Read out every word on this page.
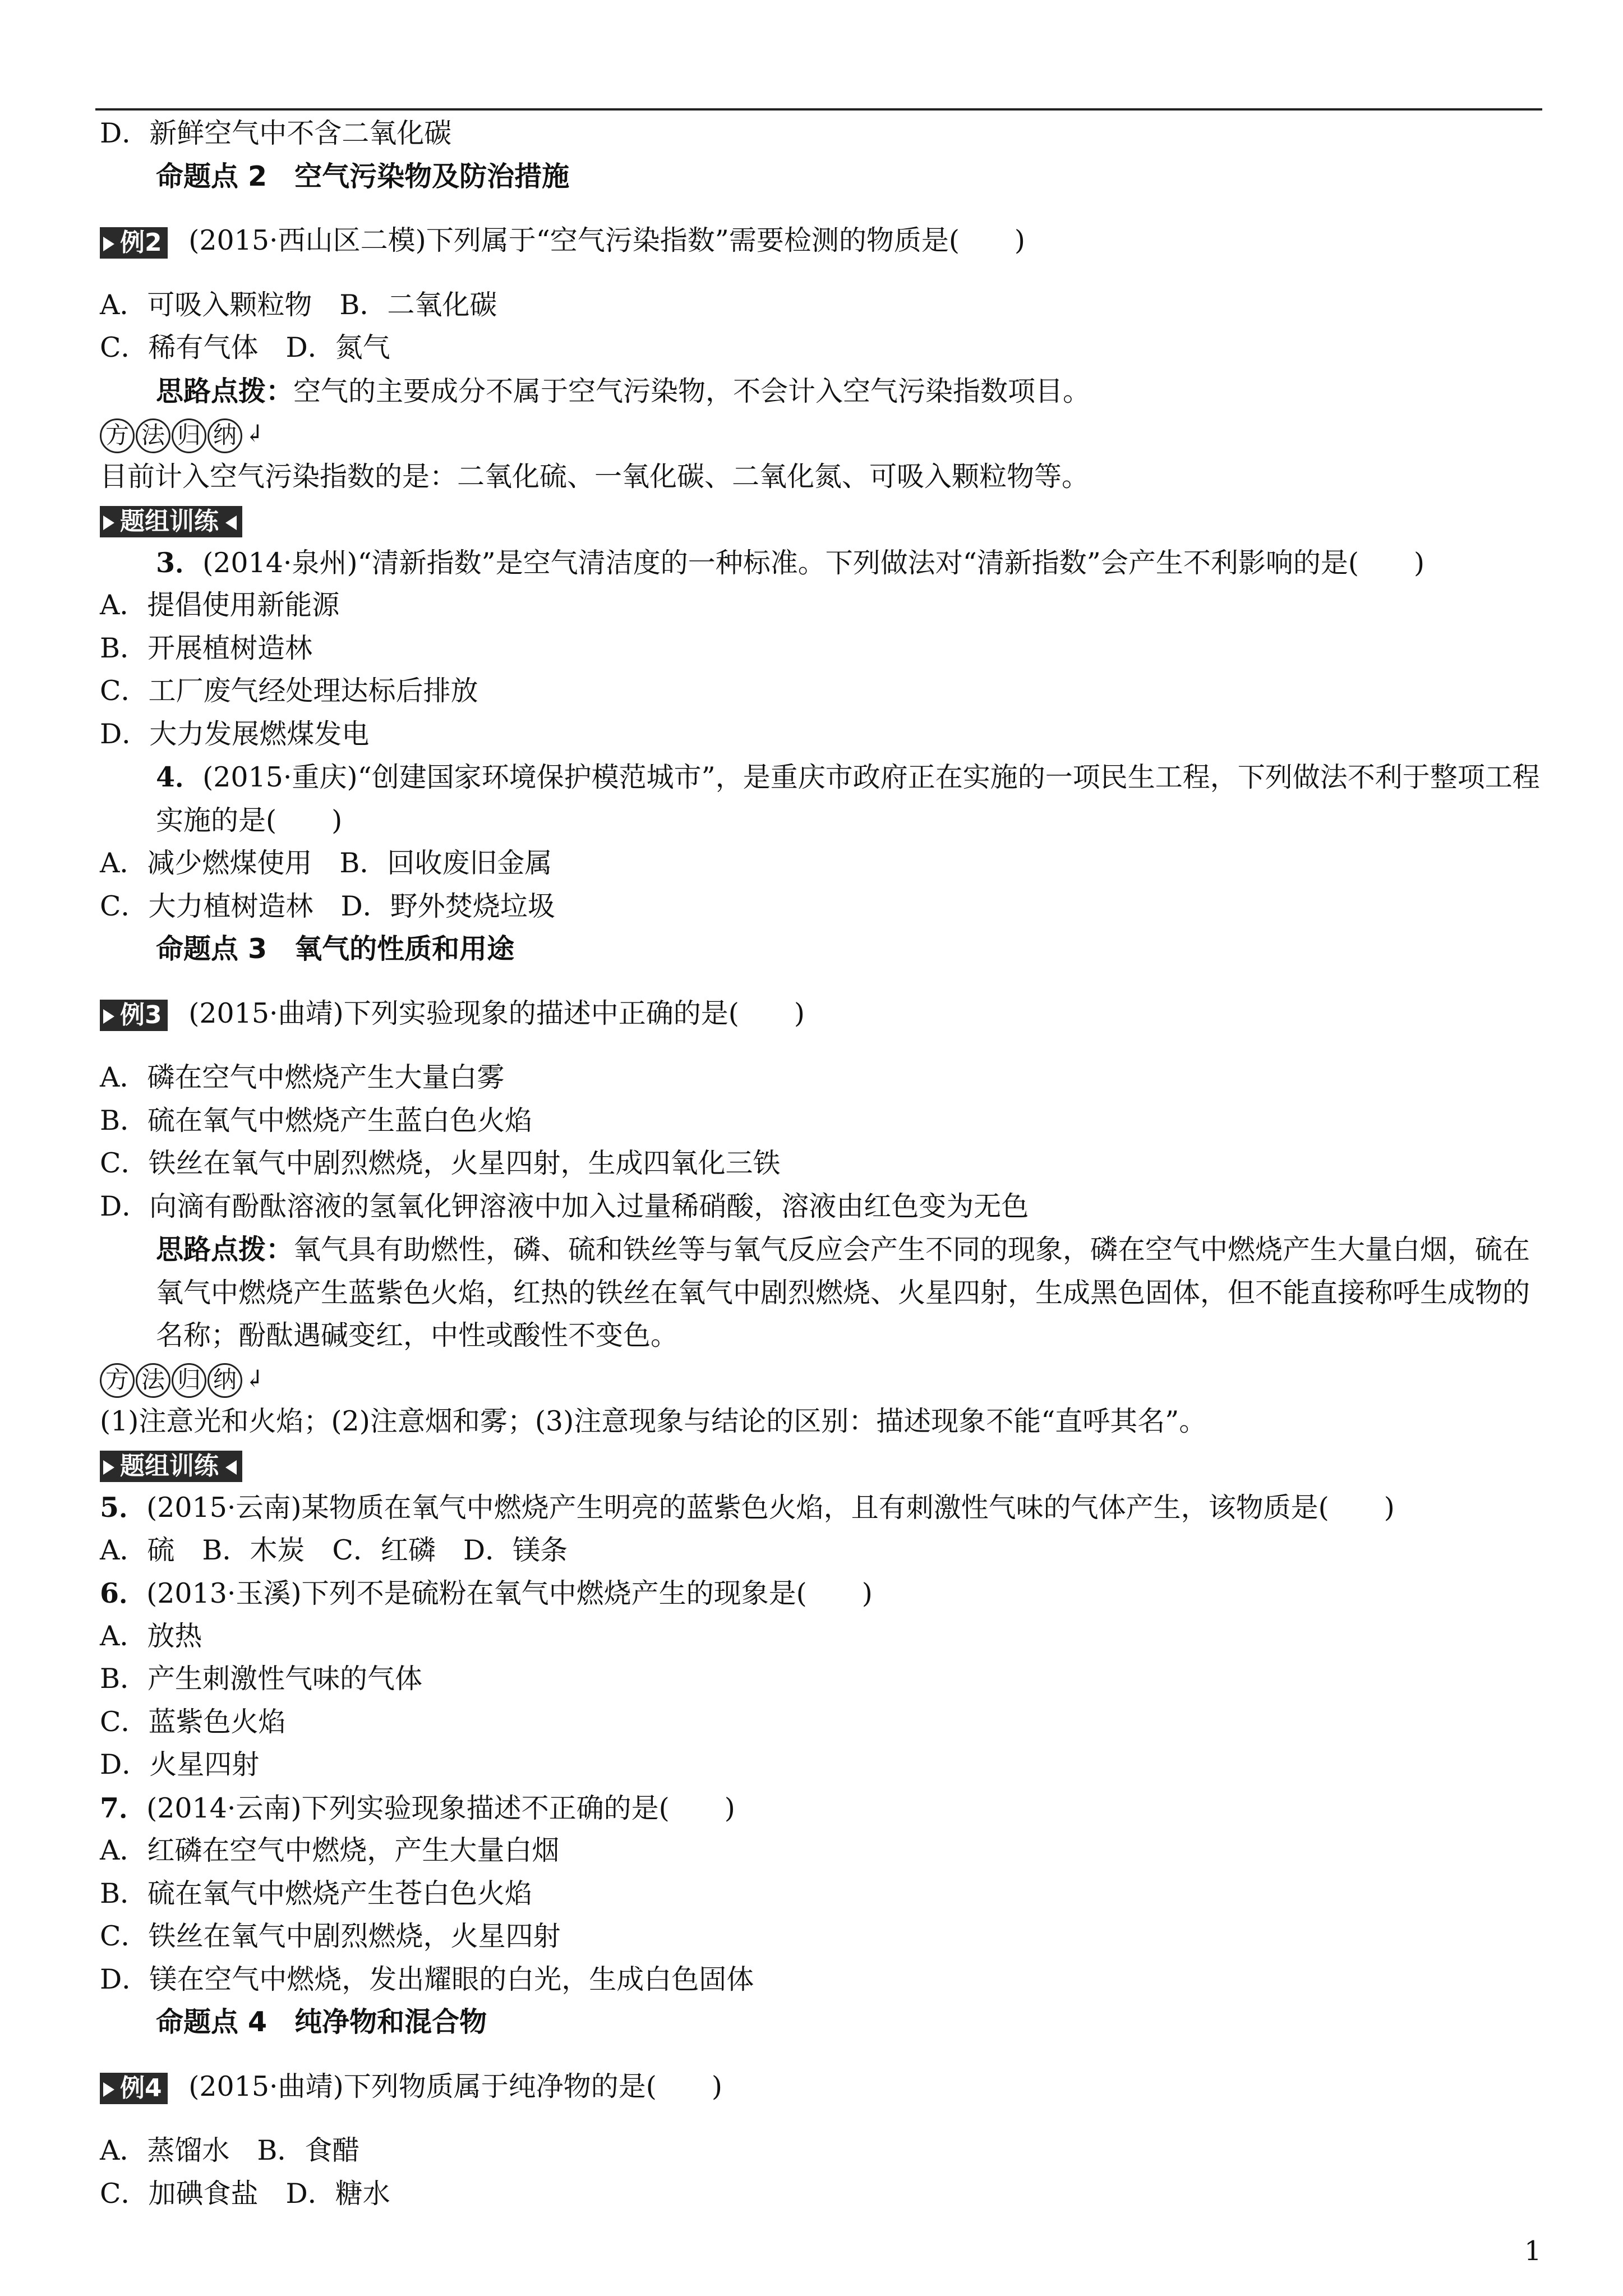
D．新鲜空气中不含二氧化碳
命题点 2　空气污染物及防治措施
例2 (2015·西山区二模)下列属于“空气污染指数”需要检测的物质是(　　)
A．可吸入颗粒物　B．二氧化碳
C．稀有气体　D．氮气
思路点拨：空气的主要成分不属于空气污染物，不会计入空气污染指数项目。
方 法 归 纳 ↲
目前计入空气污染指数的是：二氧化硫、一氧化碳、二氧化氮、可吸入颗粒物等。
题组训练
3．(2014·泉州)“清新指数”是空气清洁度的一种标准。下列做法对“清新指数”会产生不利影响的是(　　)
A．提倡使用新能源
B．开展植树造林
C．工厂废气经处理达标后排放
D．大力发展燃煤发电
4．(2015·重庆)“创建国家环境保护模范城市”，是重庆市政府正在实施的一项民生工程，下列做法不利于整项工程实施的是(　　)
A．减少燃煤使用　B．回收废旧金属
C．大力植树造林　D．野外焚烧垃圾
命题点 3　氧气的性质和用途
例3 (2015·曲靖)下列实验现象的描述中正确的是(　　)
A．磷在空气中燃烧产生大量白雾
B．硫在氧气中燃烧产生蓝白色火焰
C．铁丝在氧气中剧烈燃烧，火星四射，生成四氧化三铁
D．向滴有酚酞溶液的氢氧化钾溶液中加入过量稀硝酸，溶液由红色变为无色
思路点拨：氧气具有助燃性，磷、硫和铁丝等与氧气反应会产生不同的现象，磷在空气中燃烧产生大量白烟，硫在氧气中燃烧产生蓝紫色火焰，红热的铁丝在氧气中剧烈燃烧、火星四射，生成黑色固体，但不能直接称呼生成物的名称；酚酞遇碱变红，中性或酸性不变色。
方 法 归 纳 ↲
(1)注意光和火焰；(2)注意烟和雾；(3)注意现象与结论的区别：描述现象不能“直呼其名”。
题组训练
5．(2015·云南)某物质在氧气中燃烧产生明亮的蓝紫色火焰，且有刺激性气味的气体产生，该物质是(　　)
A．硫　B．木炭　C．红磷　D．镁条
6．(2013·玉溪)下列不是硫粉在氧气中燃烧产生的现象是(　　)
A．放热
B．产生刺激性气味的气体
C．蓝紫色火焰
D．火星四射
7．(2014·云南)下列实验现象描述不正确的是(　　)
A．红磷在空气中燃烧，产生大量白烟
B．硫在氧气中燃烧产生苍白色火焰
C．铁丝在氧气中剧烈燃烧，火星四射
D．镁在空气中燃烧，发出耀眼的白光，生成白色固体
命题点 4　纯净物和混合物
例4 (2015·曲靖)下列物质属于纯净物的是(　　)
A．蒸馏水　B．食醋
C．加碘食盐　D．糖水
1
